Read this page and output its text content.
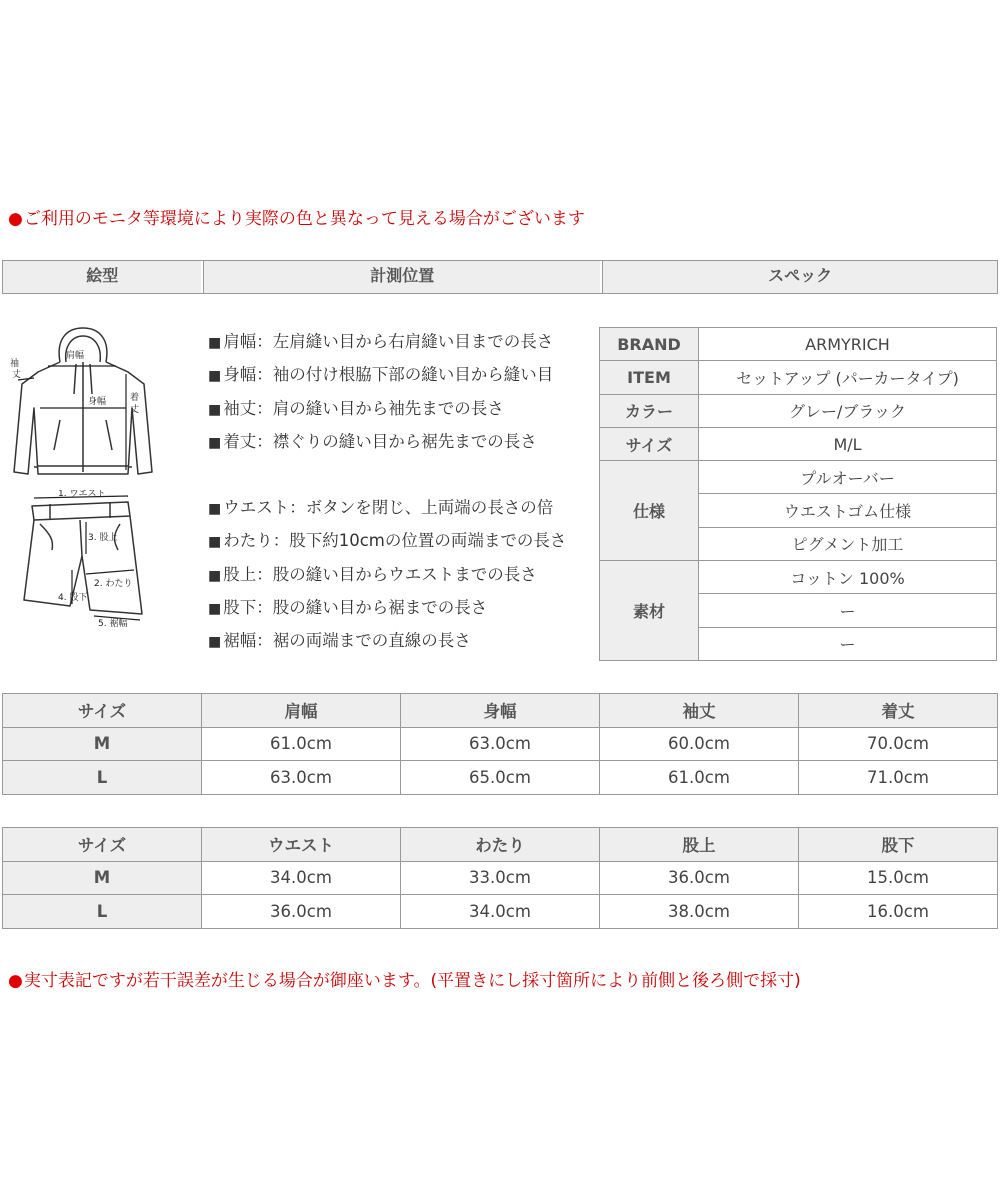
●ご利用のモニタ等環境により実際の色と異なって見える場合がございます
絵型	計測位置	スペック
肩幅
袖
丈
身幅	着
丈
1. ウエスト
3. 股上
2. わたり
4. 股下
5. 裾幅
■ 肩幅：左肩縫い目から右肩縫い目までの長さ
■ 身幅：袖の付け根脇下部の縫い目から縫い目
■ 袖丈：肩の縫い目から袖先までの長さ
■ 着丈：襟ぐりの縫い目から裾先までの長さ
■ ウエスト：ボタンを閉じ、上両端の長さの倍
■ わたり：股下約10cmの位置の両端までの長さ
■ 股上：股の縫い目からウエストまでの長さ
■ 股下：股の縫い目から裾までの長さ
■ 裾幅：裾の両端までの直線の長さ
BRAND	ARMYRICH
ITEM	セットアップ (パーカータイプ)
カラー	グレー/ブラック
サイズ	M/L
仕様	プルオーバー
	ウエストゴム仕様
	ピグメント加工
素材	コットン 100%
	ー
	ー
サイズ	肩幅	身幅	袖丈	着丈
M	61.0cm	63.0cm	60.0cm	70.0cm
L	63.0cm	65.0cm	61.0cm	71.0cm
サイズ	ウエスト	わたり	股上	股下
M	34.0cm	33.0cm	36.0cm	15.0cm
L	36.0cm	34.0cm	38.0cm	16.0cm
●実寸表記ですが若干誤差が生じる場合が御座います。(平置きにし採寸箇所により前側と後ろ側で採寸)
